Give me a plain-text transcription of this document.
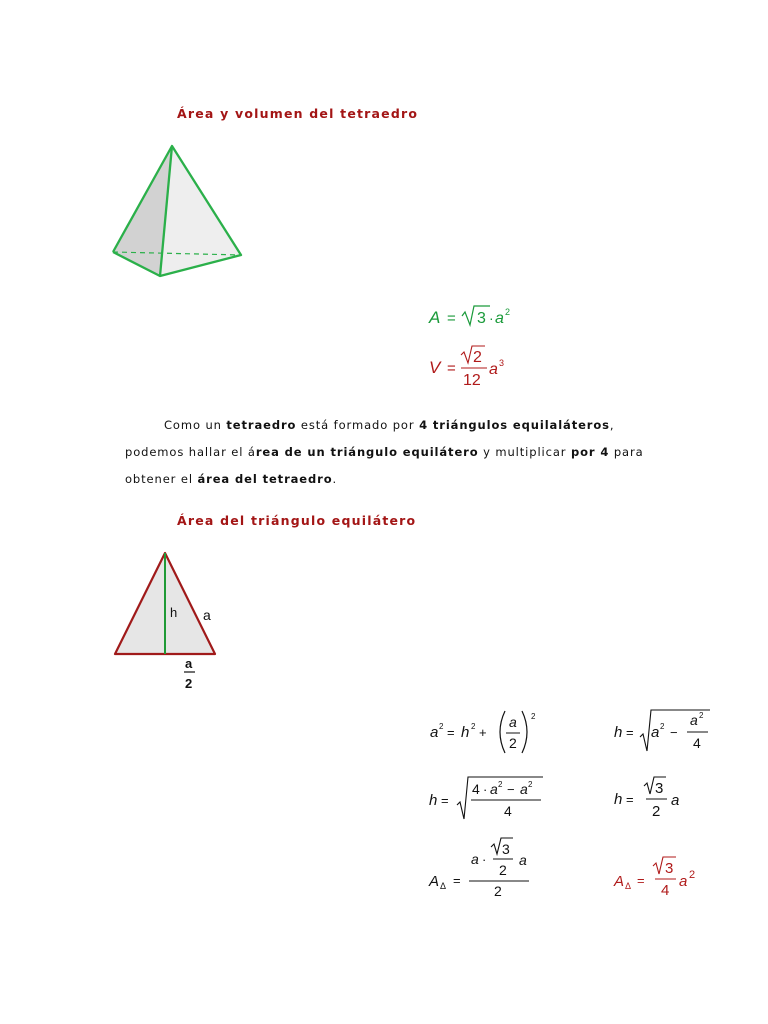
Área y volumen del tetraedro
A = 3 · a 2
V =
2
12
a 3
Como un tetraedro está formado por 4 triángulos equilaláteros,
podemos hallar el área de un triángulo equilátero y multiplicar por 4 para
obtener el área del tetraedro.
Área del triángulo equilátero
h a
a
2
a 2 = h 2 +
a
2
2
h = a 2 −
a 2
4
h =
4 · a 2 − a 2
4
h =
3
2
a
A Δ =
a ·
3
2
a
2
A Δ =
3
4
a 2
